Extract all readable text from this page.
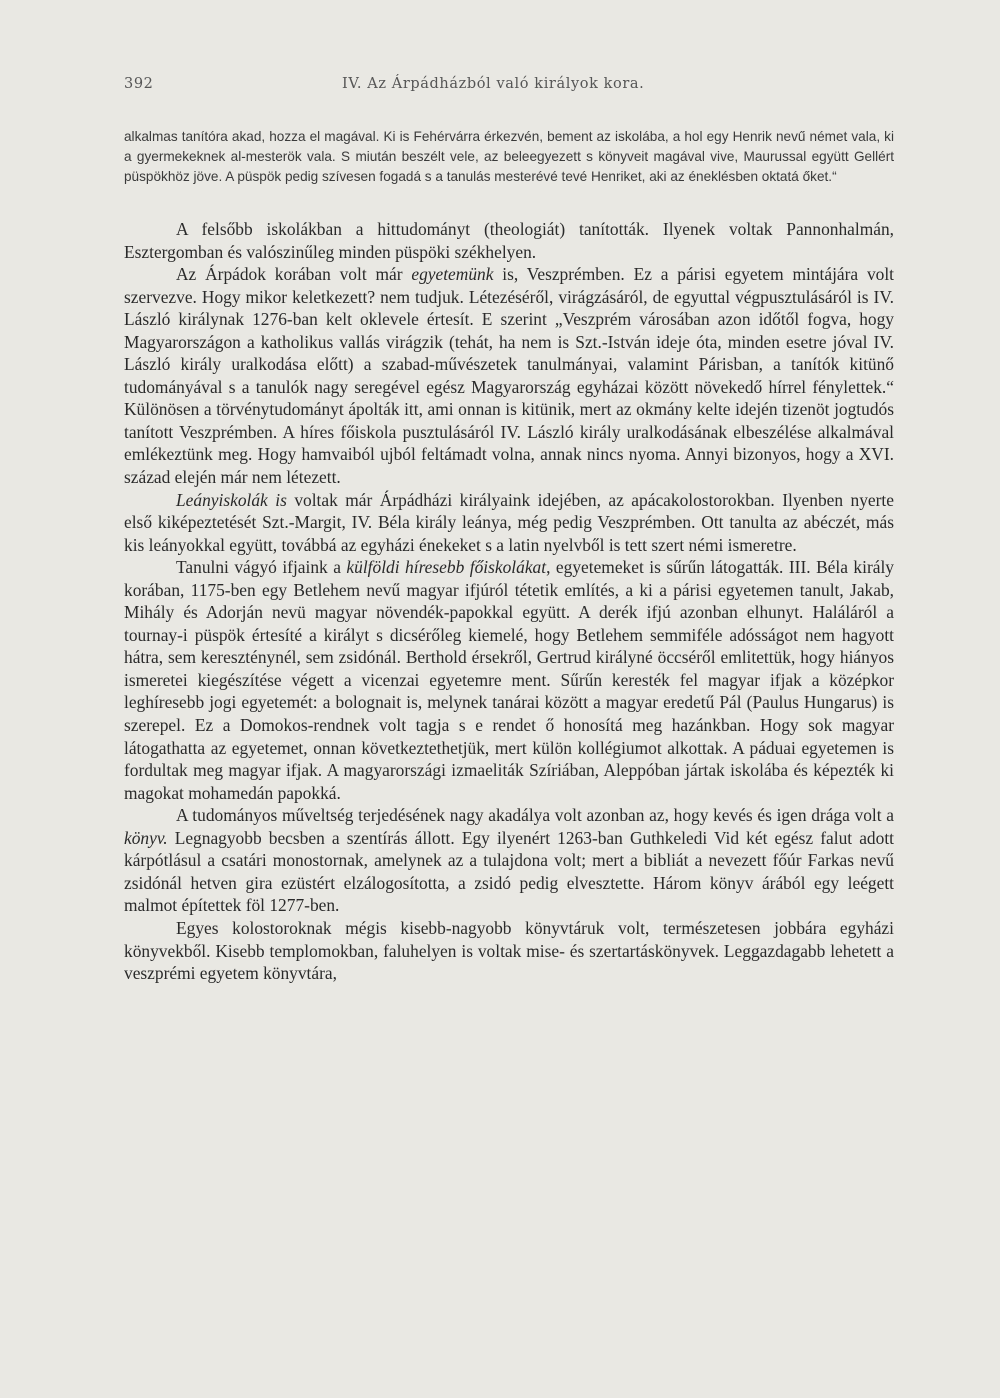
392	IV. Az Árpádházból való királyok kora.

alkalmas tanítóra akad, hozza el magával. Ki is Fehérvárra érkezvén, bement az iskolába, a hol egy Henrik nevű német vala, ki a gyermekeknek al-mesterök vala. S miután beszélt vele, az beleegyezett s könyveit magával vive, Maurussal együtt Gellért püspökhöz jöve. A püspök pedig szívesen fogadá s a tanulás mesterévé tevé Henriket, aki az éneklésben oktatá őket.“

A felsőbb iskolákban a hittudományt (theologiát) tanították. Ilyenek voltak Pannonhalmán, Esztergomban és valószinűleg minden püspöki székhelyen.

Az Árpádok korában volt már egyetemünk is, Veszprémben. Ez a párisi egyetem mintájára volt szervezve. Hogy mikor keletkezett? nem tudjuk. Létezéséről, virágzásáról, de egyuttal végpusztulásáról is IV. László királynak 1276-ban kelt oklevele értesít. E szerint „Veszprém városában azon időtől fogva, hogy Magyarországon a katholikus vallás virágzik (tehát, ha nem is Szt.-István ideje óta, minden esetre jóval IV. László király uralkodása előtt) a szabad-művészetek tanulmányai, valamint Párisban, a tanítók kitünő tudományával s a tanulók nagy seregével egész Magyarország egyházai között növekedő hírrel fénylettek.“ Különösen a törvénytudományt ápolták itt, ami onnan is kitünik, mert az okmány kelte idején tizenöt jogtudós tanított Veszprémben. A híres főiskola pusztulásáról IV. László király uralkodásának elbeszélése alkalmával emlékeztünk meg. Hogy hamvaiból ujból feltámadt volna, annak nincs nyoma. Annyi bizonyos, hogy a XVI. század elején már nem létezett.

Leányiskolák is voltak már Árpádházi királyaink idejében, az apácakolostorokban. Ilyenben nyerte első kiképeztetését Szt.-Margit, IV. Béla király leánya, még pedig Veszprémben. Ott tanulta az abéczét, más kis leányokkal együtt, továbbá az egyházi énekeket s a latin nyelvből is tett szert némi ismeretre.

Tanulni vágyó ifjaink a külföldi híresebb főiskolákat, egyetemeket is sűrűn látogatták. III. Béla király korában, 1175-ben egy Betlehem nevű magyar ifjúról tétetik említés, a ki a párisi egyetemen tanult, Jakab, Mihály és Adorján nevü magyar növendék-papokkal együtt. A derék ifjú azonban elhunyt. Haláláról a tournay-i püspök értesíté a királyt s dicsérőleg kiemelé, hogy Betlehem semmiféle adósságot nem hagyott hátra, sem kereszténynél, sem zsidónál. Berthold érsekről, Gertrud királyné öccséről emlitettük, hogy hiányos ismeretei kiegészítése végett a vicenzai egyetemre ment. Sűrűn keresték fel magyar ifjak a középkor leghíresebb jogi egyetemét: a bolognait is, melynek tanárai között a magyar eredetű Pál (Paulus Hungarus) is szerepel. Ez a Domokos-rendnek volt tagja s e rendet ő honosítá meg hazánkban. Hogy sok magyar látogathatta az egyetemet, onnan következtethetjük, mert külön kollégiumot alkottak. A páduai egyetemen is fordultak meg magyar ifjak. A magyarországi izmaeliták Szíriában, Aleppóban jártak iskolába és képezték ki magokat mohamedán papokká.

A tudományos műveltség terjedésének nagy akadálya volt azonban az, hogy kevés és igen drága volt a könyv. Legnagyobb becsben a szentírás állott. Egy ilyenért 1263-ban Guthkeledi Vid két egész falut adott kárpótlásul a csatári monostornak, amelynek az a tulajdona volt; mert a bibliát a nevezett főúr Farkas nevű zsidónál hetven gira ezüstért elzálogosította, a zsidó pedig elvesztette. Három könyv árából egy leégett malmot építettek föl 1277-ben.

Egyes kolostoroknak mégis kisebb-nagyobb könyvtáruk volt, természetesen jobbára egyházi könyvekből. Kisebb templomokban, faluhelyen is voltak mise- és szertartáskönyvek. Leggazdagabb lehetett a veszprémi egyetem könyvtára,
